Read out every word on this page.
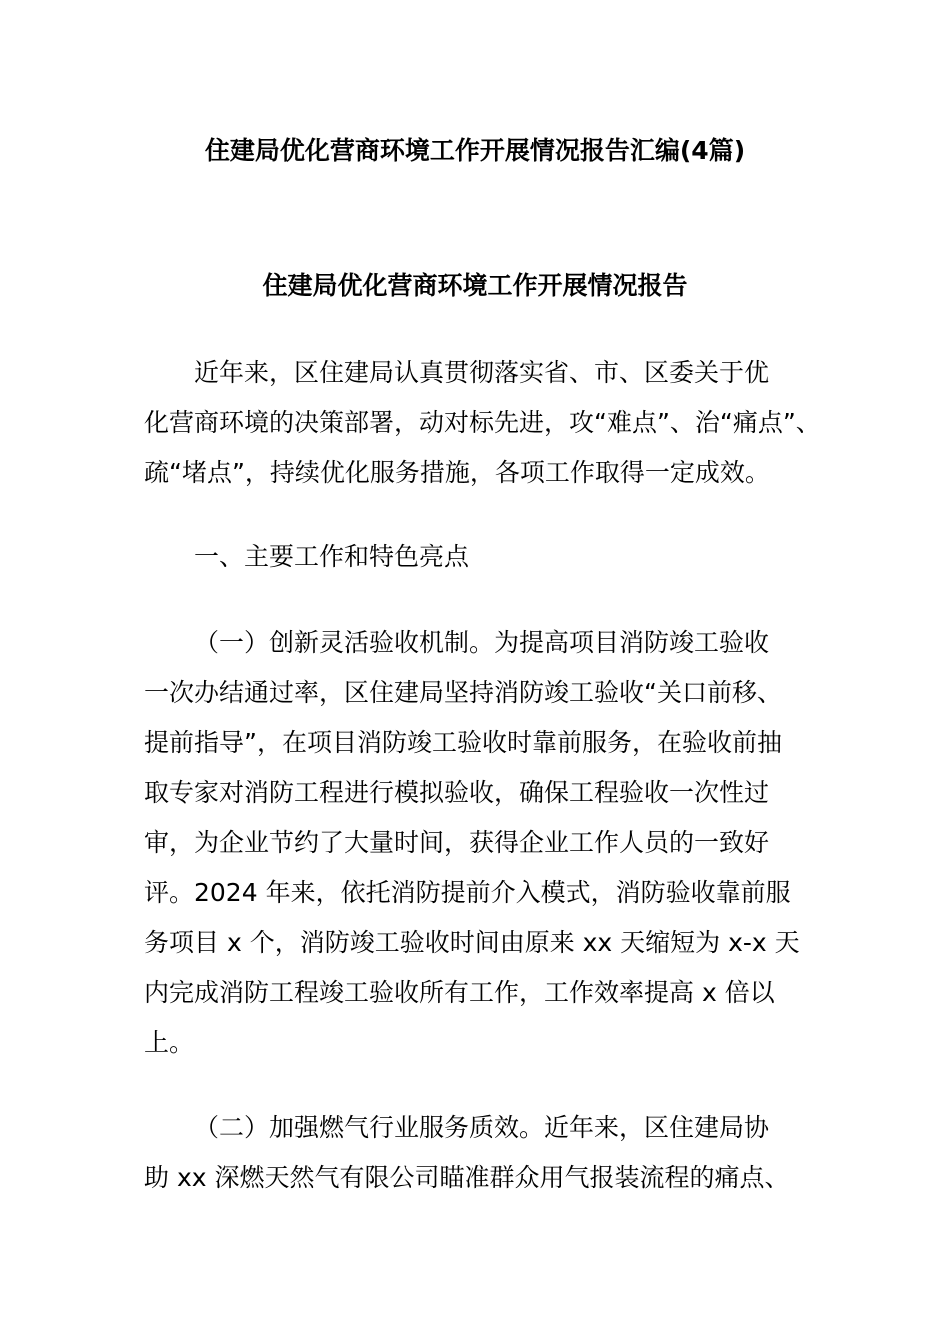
住建局优化营商环境工作开展情况报告汇编(4篇)
住建局优化营商环境工作开展情况报告
近年来，区住建局认真贯彻落实省、市、区委关于优
化营商环境的决策部署，动对标先进，攻“难点”、治“痛点”、
疏“堵点”，持续优化服务措施，各项工作取得一定成效。
一、主要工作和特色亮点
（一）创新灵活验收机制。为提高项目消防竣工验收
一次办结通过率，区住建局坚持消防竣工验收“关口前移、
提前指导”，在项目消防竣工验收时靠前服务，在验收前抽
取专家对消防工程进行模拟验收，确保工程验收一次性过
审，为企业节约了大量时间，获得企业工作人员的一致好
评。2024 年来，依托消防提前介入模式，消防验收靠前服
务项目 x 个，消防竣工验收时间由原来 xx 天缩短为 x-x 天
内完成消防工程竣工验收所有工作，工作效率提高 x 倍以
上。
（二）加强燃气行业服务质效。近年来，区住建局协
助 xx 深燃天然气有限公司瞄准群众用气报装流程的痛点、
